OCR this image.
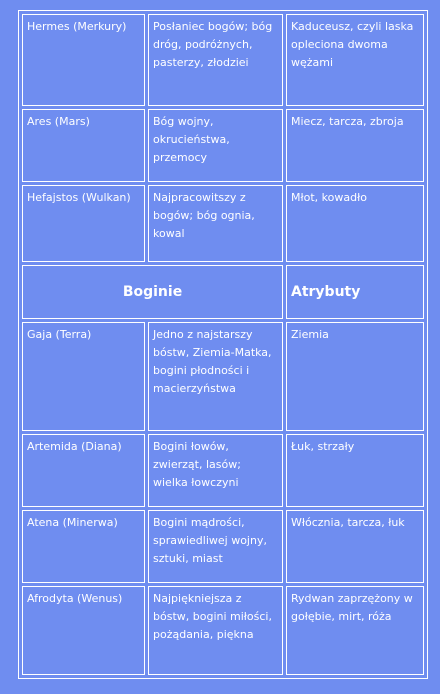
Hermes (Merkury)	Posłaniec bogów; bóg dróg, podróżnych, pasterzy, złodziei	Kaduceusz, czyli laska opleciona dwoma wężami
Ares (Mars)	Bóg wojny, okrucieństwa, przemocy	Miecz, tarcza, zbroja
Hefajstos (Wulkan)	Najpracowitszy z bogów; bóg ognia, kowal	Młot, kowadło
Boginie		Atrybuty
Gaja (Terra)	Jedno z najstarszy bóstw, Ziemia-Matka, bogini płodności i macierzyństwa	Ziemia
Artemida (Diana)	Bogini łowów, zwierząt, lasów; wielka łowczyni	Łuk, strzały
Atena (Minerwa)	Bogini mądrości, sprawiedliwej wojny, sztuki, miast	Włócznia, tarcza, łuk
Afrodyta (Wenus)	Najpiękniejsza z bóstw, bogini miłości, pożądania, piękna	Rydwan zaprzężony w gołębie, mirt, róża
